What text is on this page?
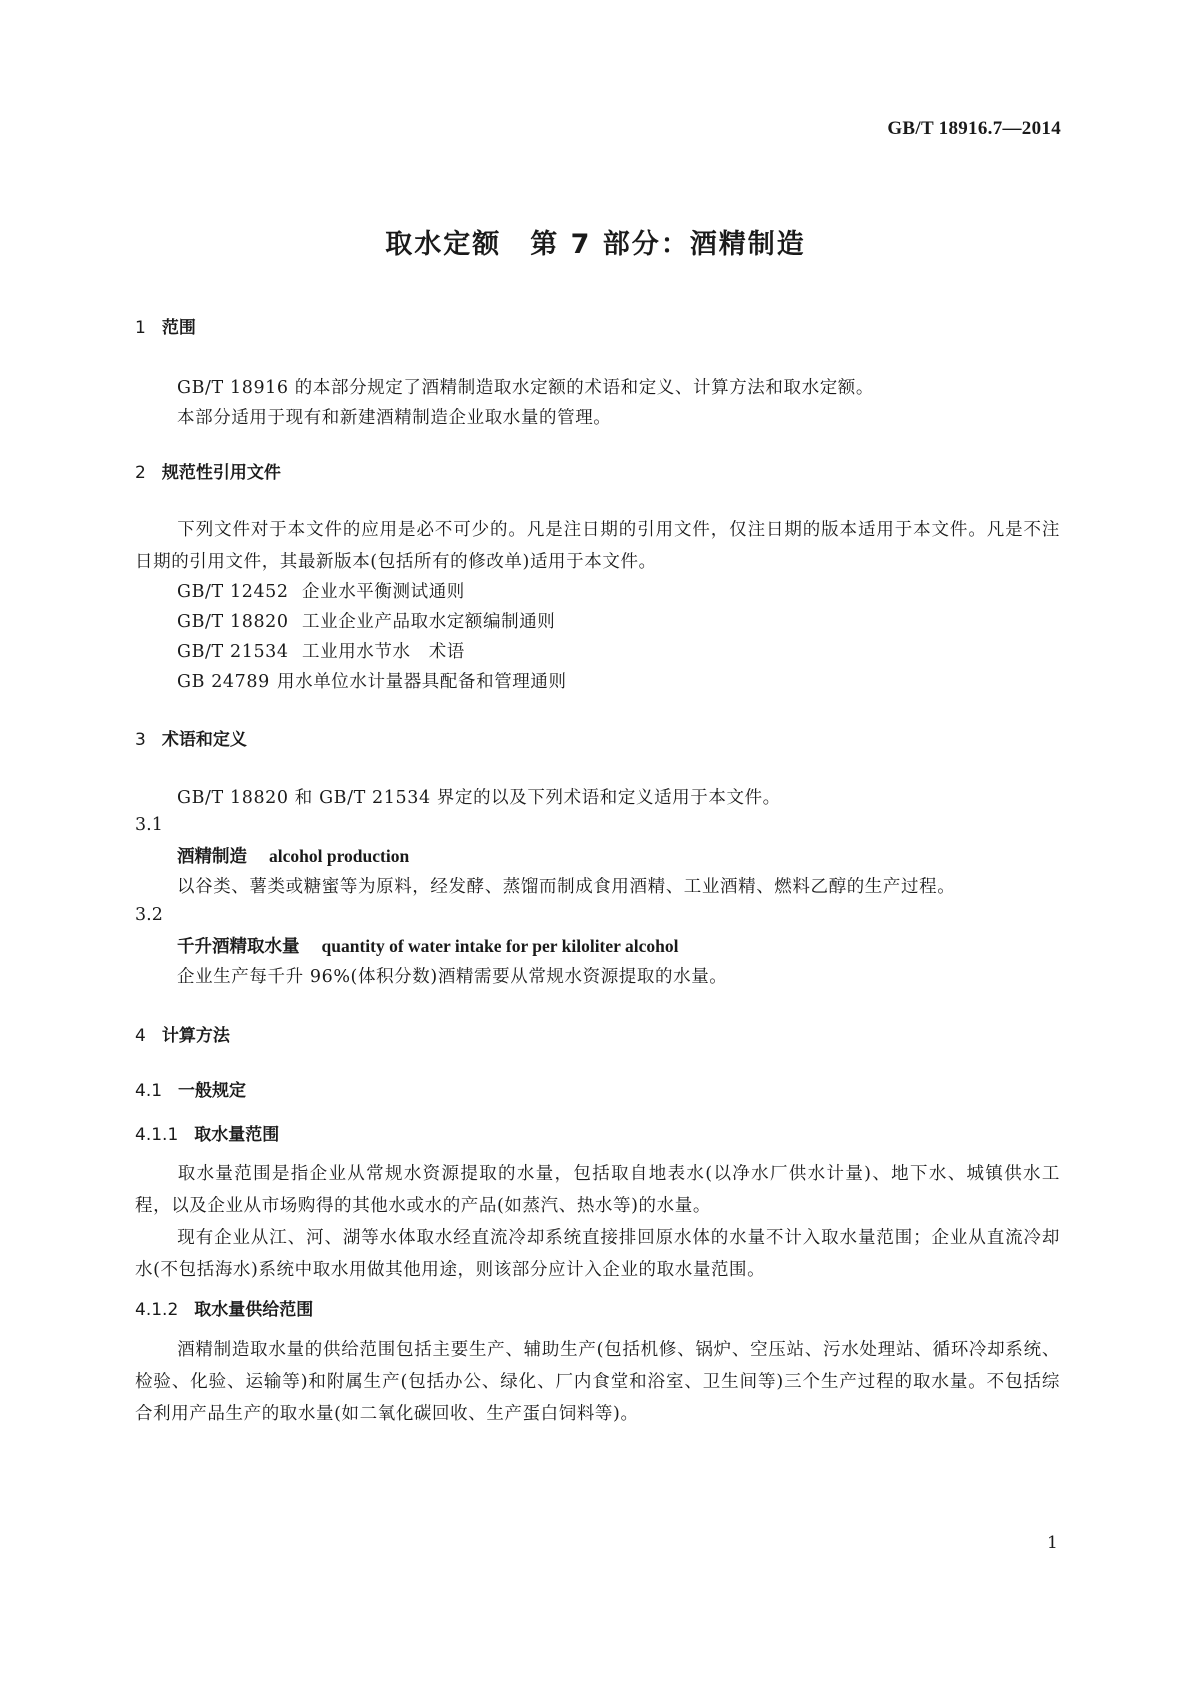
GB/T 18916.7—2014
取水定额　第 7 部分：酒精制造
1 范围
GB/T 18916 的本部分规定了酒精制造取水定额的术语和定义、计算方法和取水定额。
本部分适用于现有和新建酒精制造企业取水量的管理。
2 规范性引用文件
下列文件对于本文件的应用是必不可少的。凡是注日期的引用文件，仅注日期的版本适用于本文件。凡是不注日期的引用文件，其最新版本(包括所有的修改单)适用于本文件。
GB/T 12452 企业水平衡测试通则
GB/T 18820 工业企业产品取水定额编制通则
GB/T 21534 工业用水节水　术语
GB 24789 用水单位水计量器具配备和管理通则
3 术语和定义
GB/T 18820 和 GB/T 21534 界定的以及下列术语和定义适用于本文件。
3.1
酒精制造 alcohol production
以谷类、薯类或糖蜜等为原料，经发酵、蒸馏而制成食用酒精、工业酒精、燃料乙醇的生产过程。
3.2
千升酒精取水量 quantity of water intake for per kiloliter alcohol
企业生产每千升 96%(体积分数)酒精需要从常规水资源提取的水量。
4 计算方法
4.1 一般规定
4.1.1 取水量范围
取水量范围是指企业从常规水资源提取的水量，包括取自地表水(以净水厂供水计量)、地下水、城镇供水工程，以及企业从市场购得的其他水或水的产品(如蒸汽、热水等)的水量。
现有企业从江、河、湖等水体取水经直流冷却系统直接排回原水体的水量不计入取水量范围；企业从直流冷却水(不包括海水)系统中取水用做其他用途，则该部分应计入企业的取水量范围。
4.1.2 取水量供给范围
酒精制造取水量的供给范围包括主要生产、辅助生产(包括机修、锅炉、空压站、污水处理站、循环冷却系统、检验、化验、运输等)和附属生产(包括办公、绿化、厂内食堂和浴室、卫生间等)三个生产过程的取水量。不包括综合利用产品生产的取水量(如二氧化碳回收、生产蛋白饲料等)。
1
